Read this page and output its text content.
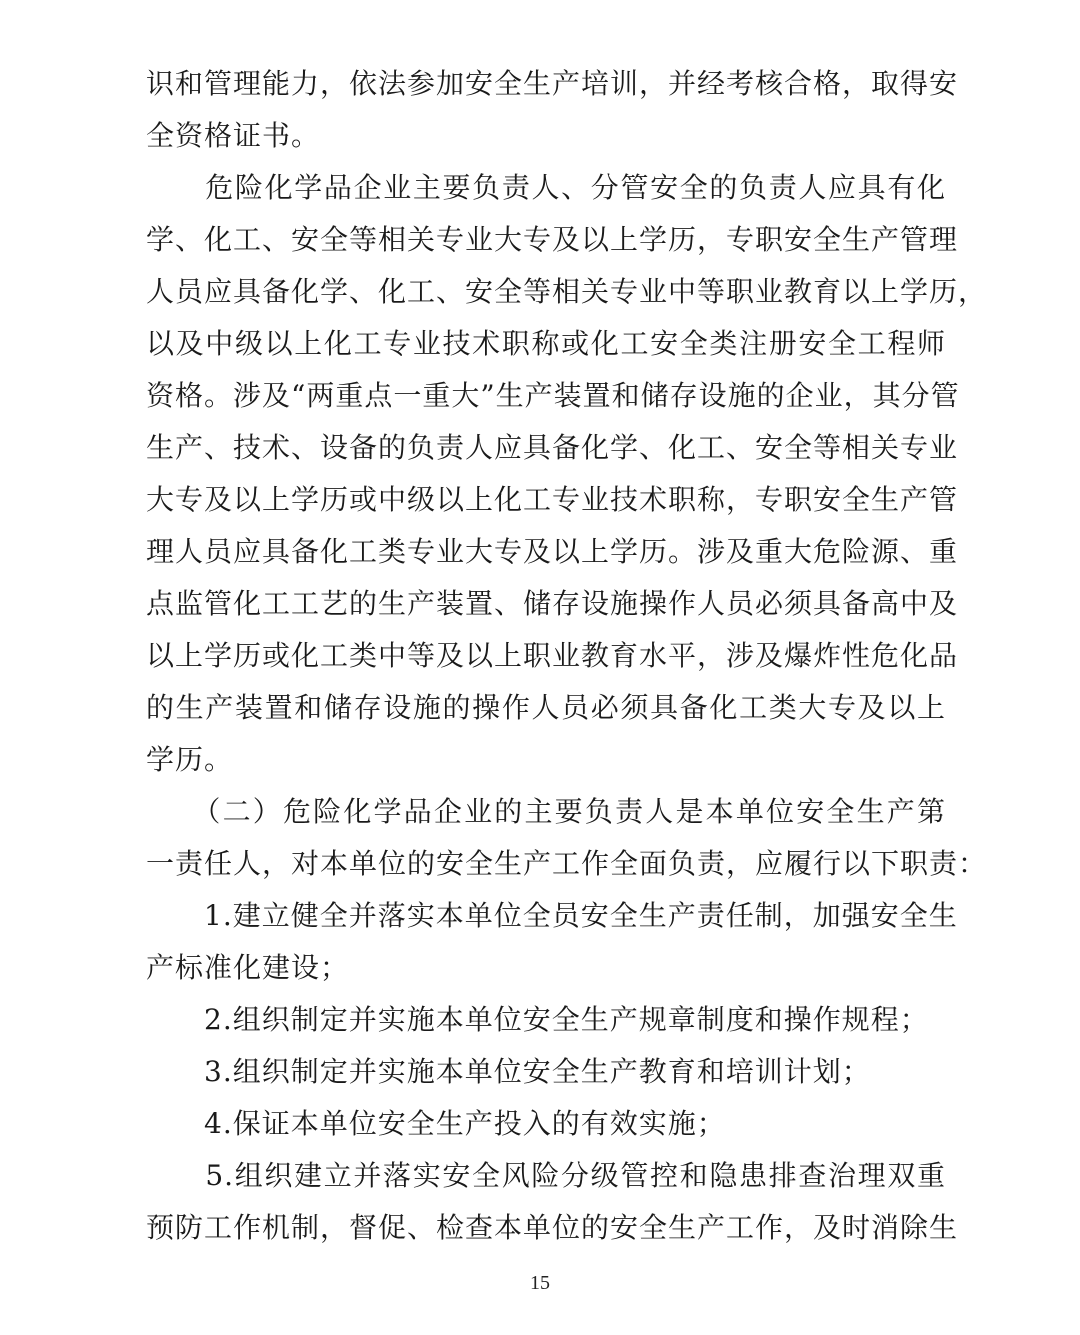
识和管理能力，依法参加安全生产培训，并经考核合格，取得安
全资格证书。
　　危险化学品企业主要负责人、分管安全的负责人应具有化
学、化工、安全等相关专业大专及以上学历，专职安全生产管理
人员应具备化学、化工、安全等相关专业中等职业教育以上学历，
以及中级以上化工专业技术职称或化工安全类注册安全工程师
资格。涉及“两重点一重大”生产装置和储存设施的企业，其分管
生产、技术、设备的负责人应具备化学、化工、安全等相关专业
大专及以上学历或中级以上化工专业技术职称，专职安全生产管
理人员应具备化工类专业大专及以上学历。涉及重大危险源、重
点监管化工工艺的生产装置、储存设施操作人员必须具备高中及
以上学历或化工类中等及以上职业教育水平，涉及爆炸性危化品
的生产装置和储存设施的操作人员必须具备化工类大专及以上
学历。
　　（二）危险化学品企业的主要负责人是本单位安全生产第
一责任人，对本单位的安全生产工作全面负责，应履行以下职责：
　　1.建立健全并落实本单位全员安全生产责任制，加强安全生
产标准化建设；
　　2.组织制定并实施本单位安全生产规章制度和操作规程；
　　3.组织制定并实施本单位安全生产教育和培训计划；
　　4.保证本单位安全生产投入的有效实施；
　　5.组织建立并落实安全风险分级管控和隐患排查治理双重
预防工作机制，督促、检查本单位的安全生产工作，及时消除生
15
